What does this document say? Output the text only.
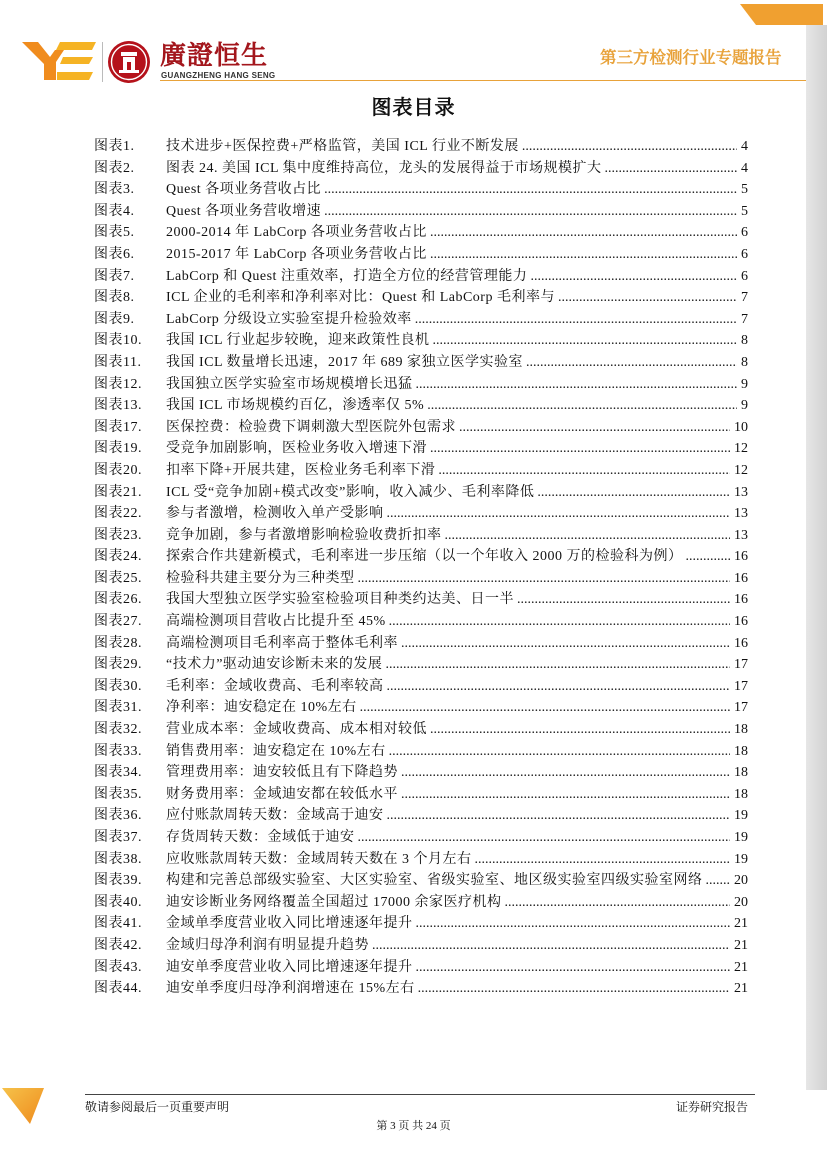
廣證恒生
GUANGZHENG HANG SENG
第三方检测行业专题报告
图表目录
图表1.	技术进步+医保控费+严格监管，美国 ICL 行业不断发展 .....	4
图表2.	图表 24. 美国 ICL 集中度维持高位，龙头的发展得益于市场规模扩大 .....	4
图表3.	Quest 各项业务营收占比 .....	5
图表4.	Quest 各项业务营收增速 .....	5
图表5.	2000-2014 年 LabCorp 各项业务营收占比 .....	6
图表6.	2015-2017 年 LabCorp 各项业务营收占比 .....	6
图表7.	LabCorp 和 Quest 注重效率，打造全方位的经营管理能力 .....	6
图表8.	ICL 企业的毛利率和净利率对比：Quest 和 LabCorp 毛利率与 .....	7
图表9.	LabCorp 分级设立实验室提升检验效率 .....	7
图表10.	我国 ICL 行业起步较晚，迎来政策性良机 .....	8
图表11.	我国 ICL 数量增长迅速，2017 年 689 家独立医学实验室 .....	8
图表12.	我国独立医学实验室市场规模增长迅猛 .....	9
图表13.	我国 ICL 市场规模约百亿，渗透率仅 5% .....	9
图表17.	医保控费：检验费下调刺激大型医院外包需求 .....	10
图表19.	受竞争加剧影响，医检业务收入增速下滑 .....	12
图表20.	扣率下降+开展共建，医检业务毛利率下滑 .....	12
图表21.	ICL 受“竞争加剧+模式改变”影响，收入减少、毛利率降低 .....	13
图表22.	参与者激增，检测收入单产受影响 .....	13
图表23.	竞争加剧，参与者激增影响检验收费折扣率 .....	13
图表24.	探索合作共建新模式，毛利率进一步压缩（以一个年收入 2000 万的检验科为例） .....	16
图表25.	检验科共建主要分为三种类型 .....	16
图表26.	我国大型独立医学实验室检验项目种类约达美、日一半 .....	16
图表27.	高端检测项目营收占比提升至 45% .....	16
图表28.	高端检测项目毛利率高于整体毛利率 .....	16
图表29.	“技术力”驱动迪安诊断未来的发展 .....	17
图表30.	毛利率：金域收费高、毛利率较高 .....	17
图表31.	净利率：迪安稳定在 10%左右 .....	17
图表32.	营业成本率：金域收费高、成本相对较低 .....	18
图表33.	销售费用率：迪安稳定在 10%左右 .....	18
图表34.	管理费用率：迪安较低且有下降趋势 .....	18
图表35.	财务费用率：金域迪安都在较低水平 .....	18
图表36.	应付账款周转天数：金域高于迪安 .....	19
图表37.	存货周转天数：金域低于迪安 .....	19
图表38.	应收账款周转天数：金域周转天数在 3 个月左右 .....	19
图表39.	构建和完善总部级实验室、大区实验室、省级实验室、地区级实验室四级实验室网络 ..... 20
图表40.	迪安诊断业务网络覆盖全国超过 17000 余家医疗机构 .....	20
图表41.	金域单季度营业收入同比增速逐年提升 .....	21
图表42.	金域归母净利润有明显提升趋势 .....	21
图表43.	迪安单季度营业收入同比增速逐年提升 .....	21
图表44.	迪安单季度归母净利润增速在 15%左右 .....	21
敬请参阅最后一页重要声明	证券研究报告
第 3 页 共 24 页
